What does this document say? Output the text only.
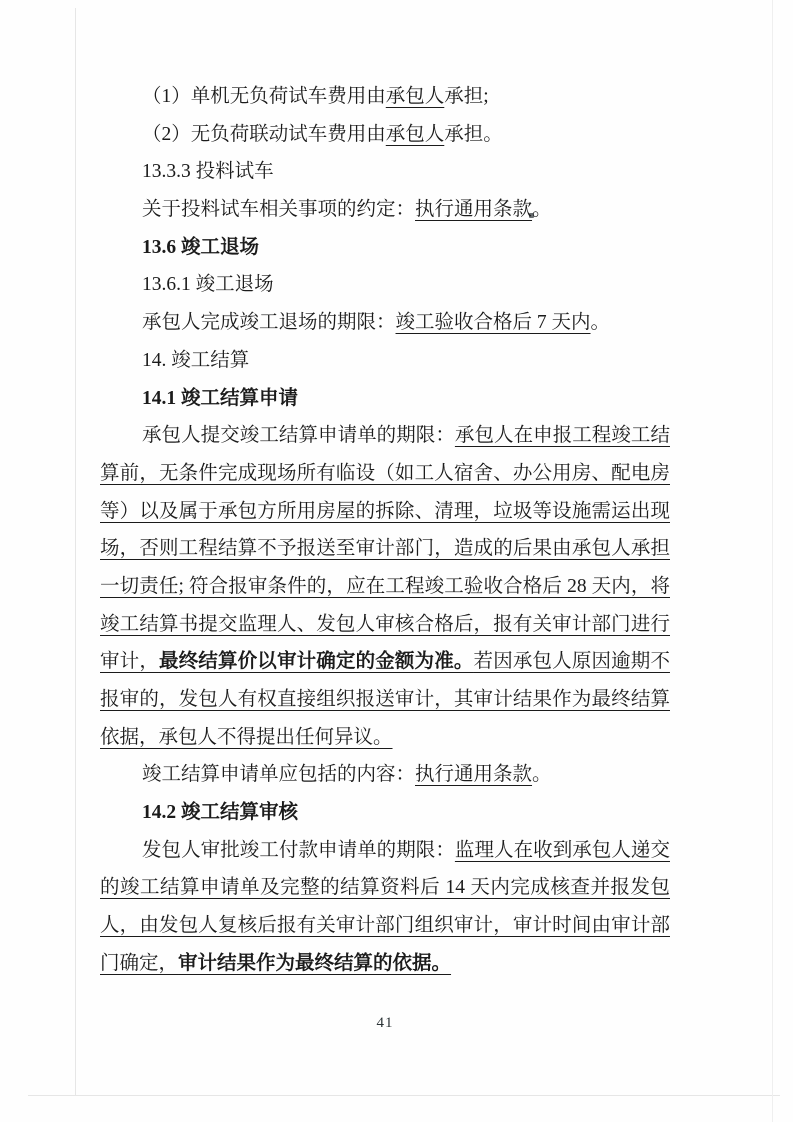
（1）单机无负荷试车费用由承包人承担;
（2）无负荷联动试车费用由承包人承担。
13.3.3 投料试车
关于投料试车相关事项的约定：执行通用条款。
13.6 竣工退场
13.6.1 竣工退场
承包人完成竣工退场的期限：竣工验收合格后 7 天内。
14. 竣工结算
14.1 竣工结算申请
承包人提交竣工结算申请单的期限：承包人在申报工程竣工结
算前，无条件完成现场所有临设（如工人宿舍、办公用房、配电房
等）以及属于承包方所用房屋的拆除、清理，垃圾等设施需运出现
场，否则工程结算不予报送至审计部门，造成的后果由承包人承担
一切责任; 符合报审条件的，应在工程竣工验收合格后 28 天内，将
竣工结算书提交监理人、发包人审核合格后，报有关审计部门进行
审计，最终结算价以审计确定的金额为准。若因承包人原因逾期不
报审的，发包人有权直接组织报送审计，其审计结果作为最终结算
依据，承包人不得提出任何异议。
竣工结算申请单应包括的内容：执行通用条款。
14.2 竣工结算审核
发包人审批竣工付款申请单的期限：监理人在收到承包人递交
的竣工结算申请单及完整的结算资料后 14 天内完成核查并报发包
人，由发包人复核后报有关审计部门组织审计，审计时间由审计部
门确定，审计结果作为最终结算的依据。
41
